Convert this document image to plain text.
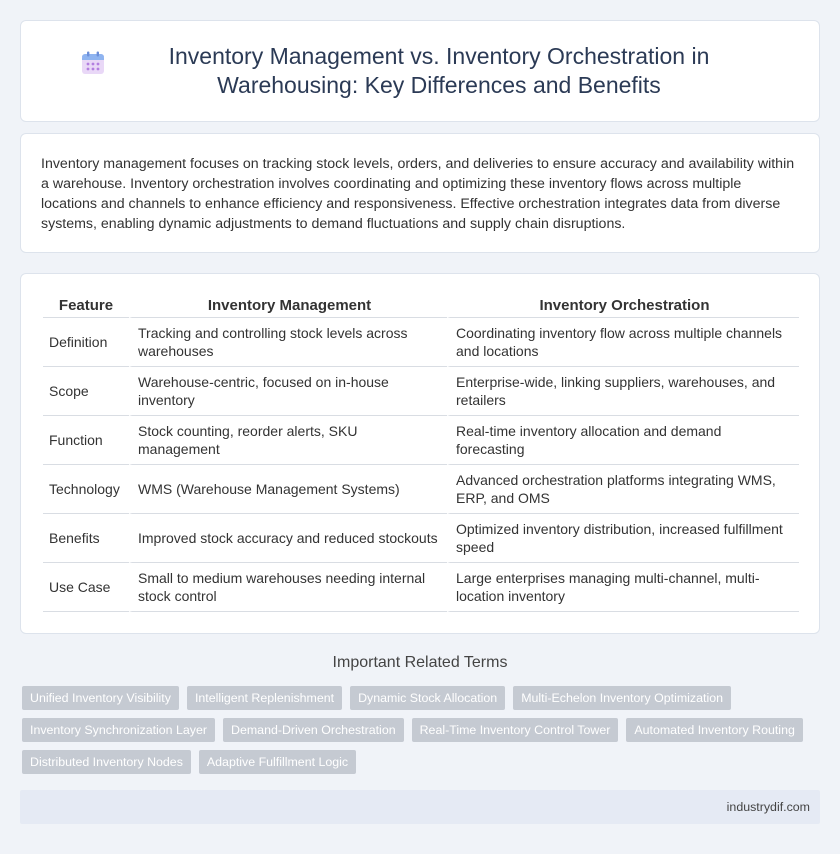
Inventory Management vs. Inventory Orchestration in Warehousing: Key Differences and Benefits

Inventory management focuses on tracking stock levels, orders, and deliveries to ensure accuracy and availability within a warehouse. Inventory orchestration involves coordinating and optimizing these inventory flows across multiple locations and channels to enhance efficiency and responsiveness. Effective orchestration integrates data from diverse systems, enabling dynamic adjustments to demand fluctuations and supply chain disruptions.

Feature	Inventory Management	Inventory Orchestration
Definition	Tracking and controlling stock levels across warehouses	Coordinating inventory flow across multiple channels and locations
Scope	Warehouse-centric, focused on in-house inventory	Enterprise-wide, linking suppliers, warehouses, and retailers
Function	Stock counting, reorder alerts, SKU management	Real-time inventory allocation and demand forecasting
Technology	WMS (Warehouse Management Systems)	Advanced orchestration platforms integrating WMS, ERP, and OMS
Benefits	Improved stock accuracy and reduced stockouts	Optimized inventory distribution, increased fulfillment speed
Use Case	Small to medium warehouses needing internal stock control	Large enterprises managing multi-channel, multi-location inventory
Important Related Terms
Unified Inventory Visibility	Intelligent Replenishment	Dynamic Stock Allocation	Multi-Echelon Inventory Optimization
Inventory Synchronization Layer	Demand-Driven Orchestration	Real-Time Inventory Control Tower	Automated Inventory Routing
Distributed Inventory Nodes	Adaptive Fulfillment Logic
industrydif.com
